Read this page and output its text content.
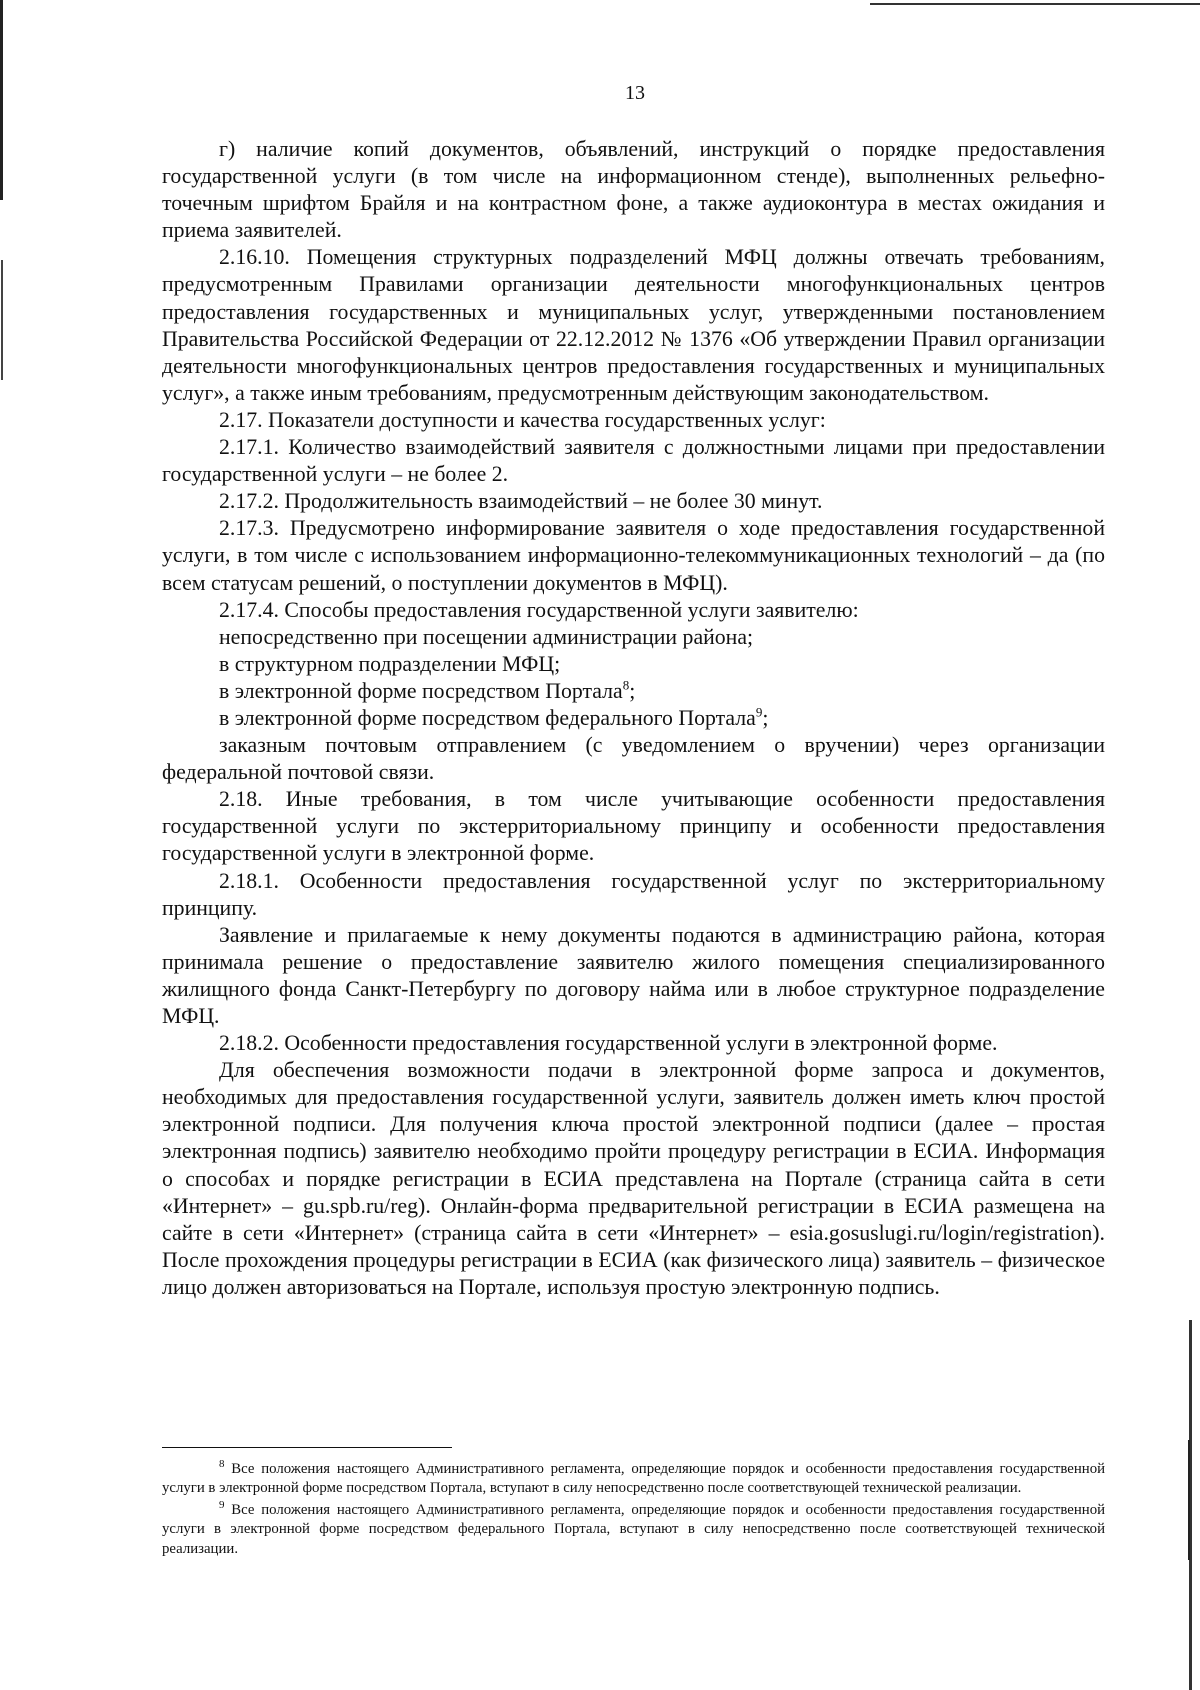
13

г) наличие копий документов, объявлений, инструкций о порядке предоставления государственной услуги (в том числе на информационном стенде), выполненных рельефно-точечным шрифтом Брайля и на контрастном фоне, а также аудиоконтура в местах ожидания и приема заявителей.

2.16.10. Помещения структурных подразделений МФЦ должны отвечать требованиям, предусмотренным Правилами организации деятельности многофункциональных центров предоставления государственных и муниципальных услуг, утвержденными постановлением Правительства Российской Федерации от 22.12.2012 № 1376 «Об утверждении Правил организации деятельности многофункциональных центров предоставления государственных и муниципальных услуг», а также иным требованиям, предусмотренным действующим законодательством.

2.17. Показатели доступности и качества государственных услуг:

2.17.1. Количество взаимодействий заявителя с должностными лицами при предоставлении государственной услуги – не более 2.

2.17.2. Продолжительность взаимодействий – не более 30 минут.

2.17.3. Предусмотрено информирование заявителя о ходе предоставления государственной услуги, в том числе с использованием информационно-телекоммуникационных технологий – да (по всем статусам решений, о поступлении документов в МФЦ).

2.17.4. Способы предоставления государственной услуги заявителю:

непосредственно при посещении администрации района;

в структурном подразделении МФЦ;

в электронной форме посредством Портала$^8$;

в электронной форме посредством федерального Портала$^9$;

заказным почтовым отправлением (с уведомлением о вручении) через организации федеральной почтовой связи.

2.18. Иные требования, в том числе учитывающие особенности предоставления государственной услуги по экстерриториальному принципу и особенности предоставления государственной услуги в электронной форме.

2.18.1. Особенности предоставления государственной услуг по экстерриториальному принципу.

Заявление и прилагаемые к нему документы подаются в администрацию района, которая принимала решение о предоставление заявителю жилого помещения специализированного жилищного фонда Санкт-Петербургу по договору найма или в любое структурное подразделение МФЦ.

2.18.2. Особенности предоставления государственной услуги в электронной форме.

Для обеспечения возможности подачи в электронной форме запроса и документов, необходимых для предоставления государственной услуги, заявитель должен иметь ключ простой электронной подписи. Для получения ключа простой электронной подписи (далее – простая электронная подпись) заявителю необходимо пройти процедуру регистрации в ЕСИА. Информация о способах и порядке регистрации в ЕСИА представлена на Портале (страница сайта в сети «Интернет» – gu.spb.ru/reg). Онлайн-форма предварительной регистрации в ЕСИА размещена на сайте в сети «Интернет» (страница сайта в сети «Интернет» – esia.gosuslugi.ru/login/registration). После прохождения процедуры регистрации в ЕСИА (как физического лица) заявитель – физическое лицо должен авторизоваться на Портале, используя простую электронную подпись.

$^8$ Все положения настоящего Административного регламента, определяющие порядок и особенности предоставления государственной услуги в электронной форме посредством Портала, вступают в силу непосредственно после соответствующей технической реализации.

$^9$ Все положения настоящего Административного регламента, определяющие порядок и особенности предоставления государственной услуги в электронной форме посредством федерального Портала, вступают в силу непосредственно после соответствующей технической реализации.
